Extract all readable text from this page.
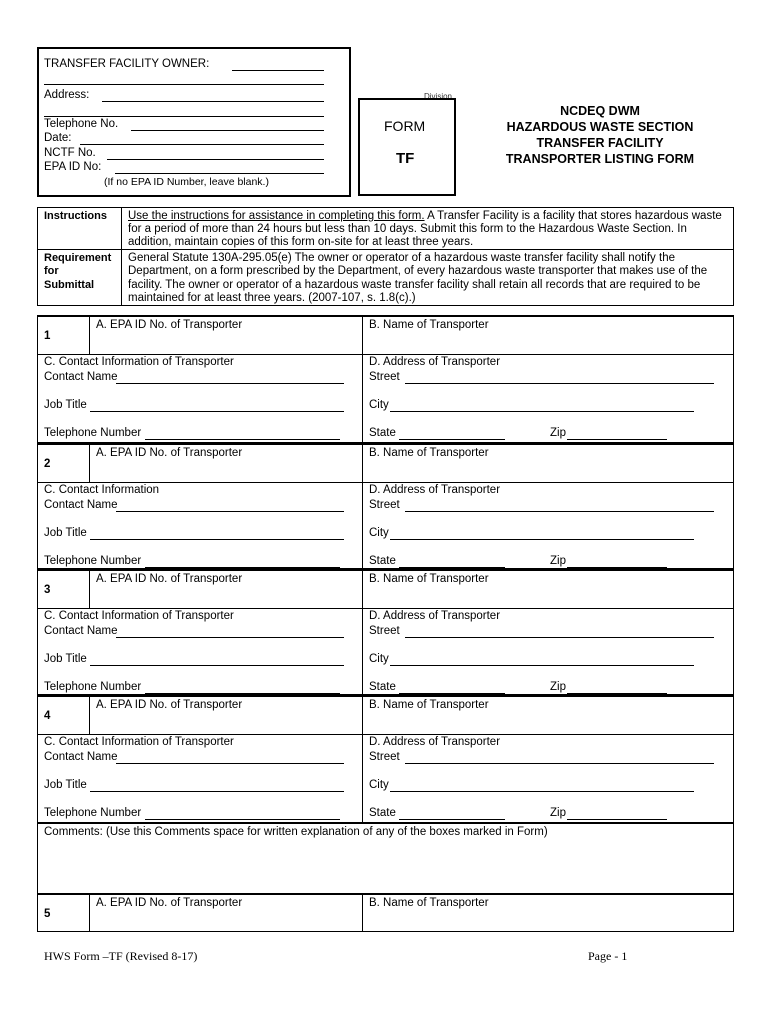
TRANSFER FACILITY OWNER:
Address:
Telephone No.
Date:
NCTF No.
EPA ID No:
(If no EPA ID Number, leave blank.)
Division
FORM
TF
NCDEQ DWM
HAZARDOUS WASTE SECTION
TRANSFER FACILITY
TRANSPORTER LISTING FORM
Instructions Use the instructions for assistance in completing this form. A Transfer Facility is a facility that stores hazardous waste
for a period of more than 24 hours but less than 10 days. Submit this form to the Hazardous Waste Section. In
addition, maintain copies of this form on-site for at least three years.
Requirement
for
Submittal
General Statute 130A-295.05(e) The owner or operator of a hazardous waste transfer facility shall notify the
Department, on a form prescribed by the Department, of every hazardous waste transporter that makes use of the
facility. The owner or operator of a hazardous waste transfer facility shall retain all records that are required to be
maintained for at least three years. (2007-107, s. 1.8(c).)
1
A. EPA ID No. of Transporter	B. Name of Transporter
C. Contact Information of Transporter
Contact Name
Job Title
Telephone Number
D. Address of Transporter
Street
City
State	Zip
2
A. EPA ID No. of Transporter	B. Name of Transporter
C. Contact Information
Contact Name
Job Title
Telephone Number
D. Address of Transporter
Street
City
State	Zip
3
A. EPA ID No. of Transporter	B. Name of Transporter
C. Contact Information of Transporter
Contact Name
Job Title
Telephone Number
D. Address of Transporter
Street
City
State	Zip
4
A. EPA ID No. of Transporter	B. Name of Transporter
C. Contact Information of Transporter
Contact Name
Job Title
Telephone Number
D. Address of Transporter
Street
City
State	Zip
Comments: (Use this Comments space for written explanation of any of the boxes marked in Form)
5
A. EPA ID No. of Transporter	B. Name of Transporter
HWS Form –TF (Revised 8-17)	Page - 1
